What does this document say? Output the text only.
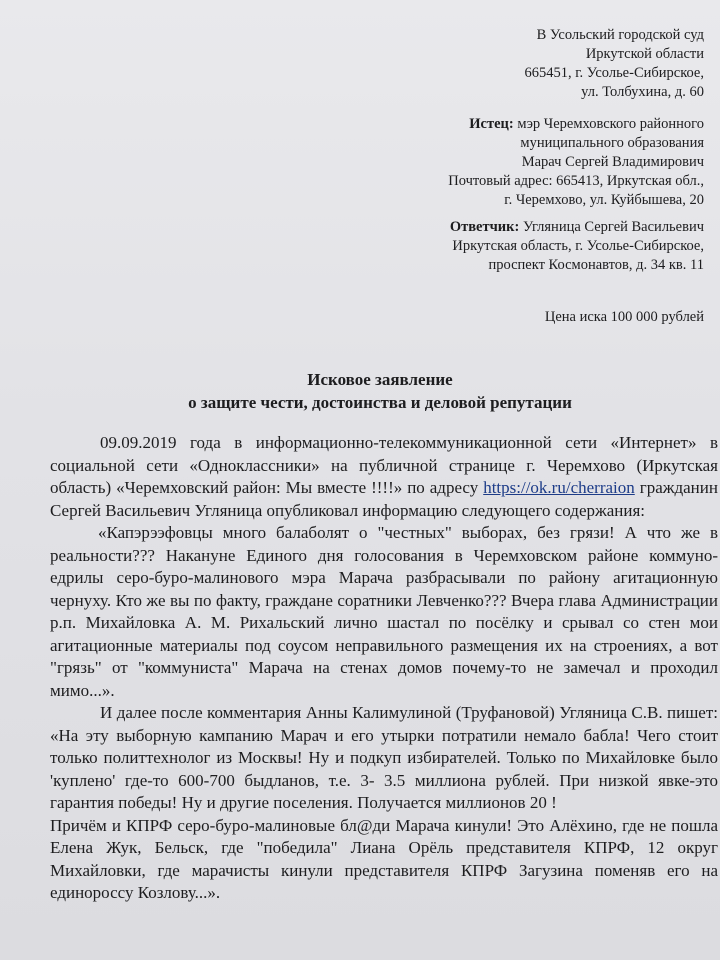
В Усольский городской суд
Иркутской области
665451, г. Усолье-Сибирское,
ул. Толбухина, д. 60
Истец: мэр Черемховского районного
муниципального образования
Марач Сергей Владимирович
Почтовый адрес: 665413, Иркутская обл.,
г. Черемхово, ул. Куйбышева, 20
Ответчик: Угляница Сергей Васильевич
Иркутская область, г. Усолье-Сибирское,
проспект Космонавтов, д. 34 кв. 11
Цена иска 100 000 рублей
Исковое заявление
о защите чести, достоинства и деловой репутации

09.09.2019 года в информационно-телекоммуникационной сети «Интернет» в социальной сети «Одноклассники» на публичной странице г. Черемхово (Иркутская область) «Черемховский район: Мы вместе !!!!» по адресу https://ok.ru/cherraion гражданин Сергей Васильевич Угляница опубликовал информацию следующего содержания:

«Капэрээфовцы много балаболят о "честных" выборах, без грязи! А что же в реальности??? Накануне Единого дня голосования в Черемховском районе коммуно-едрилы серо-буро-малинового мэра Марача разбрасывали по району агитационную чернуху. Кто же вы по факту, граждане соратники Левченко??? Вчера глава Администрации р.п. Михайловка А. М. Рихальский лично шастал по посёлку и срывал со стен мои агитационные материалы под соусом неправильного размещения их на строениях, а вот "грязь" от "коммуниста" Марача на стенах домов почему-то не замечал и проходил мимо...».

И далее после комментария Анны Калимулиной (Труфановой) Угляница С.В. пишет: «На эту выборную кампанию Марач и его утырки потратили немало бабла! Чего стоит только политтехнолог из Москвы! Ну и подкуп избирателей. Только по Михайловке было 'куплено' где-то 600-700 быдланов, т.е. 3- 3.5 миллиона рублей. При низкой явке-это гарантия победы! Ну и другие поселения. Получается миллионов 20 !

Причём и КПРФ серо-буро-малиновые бл@ди Марача кинули! Это Алёхино, где не пошла Елена Жук, Бельск, где "победила" Лиана Орёль представителя КПРФ, 12 округ Михайловки, где марачисты кинули представителя КПРФ Загузина поменяв его на единороссу Козлову...».
